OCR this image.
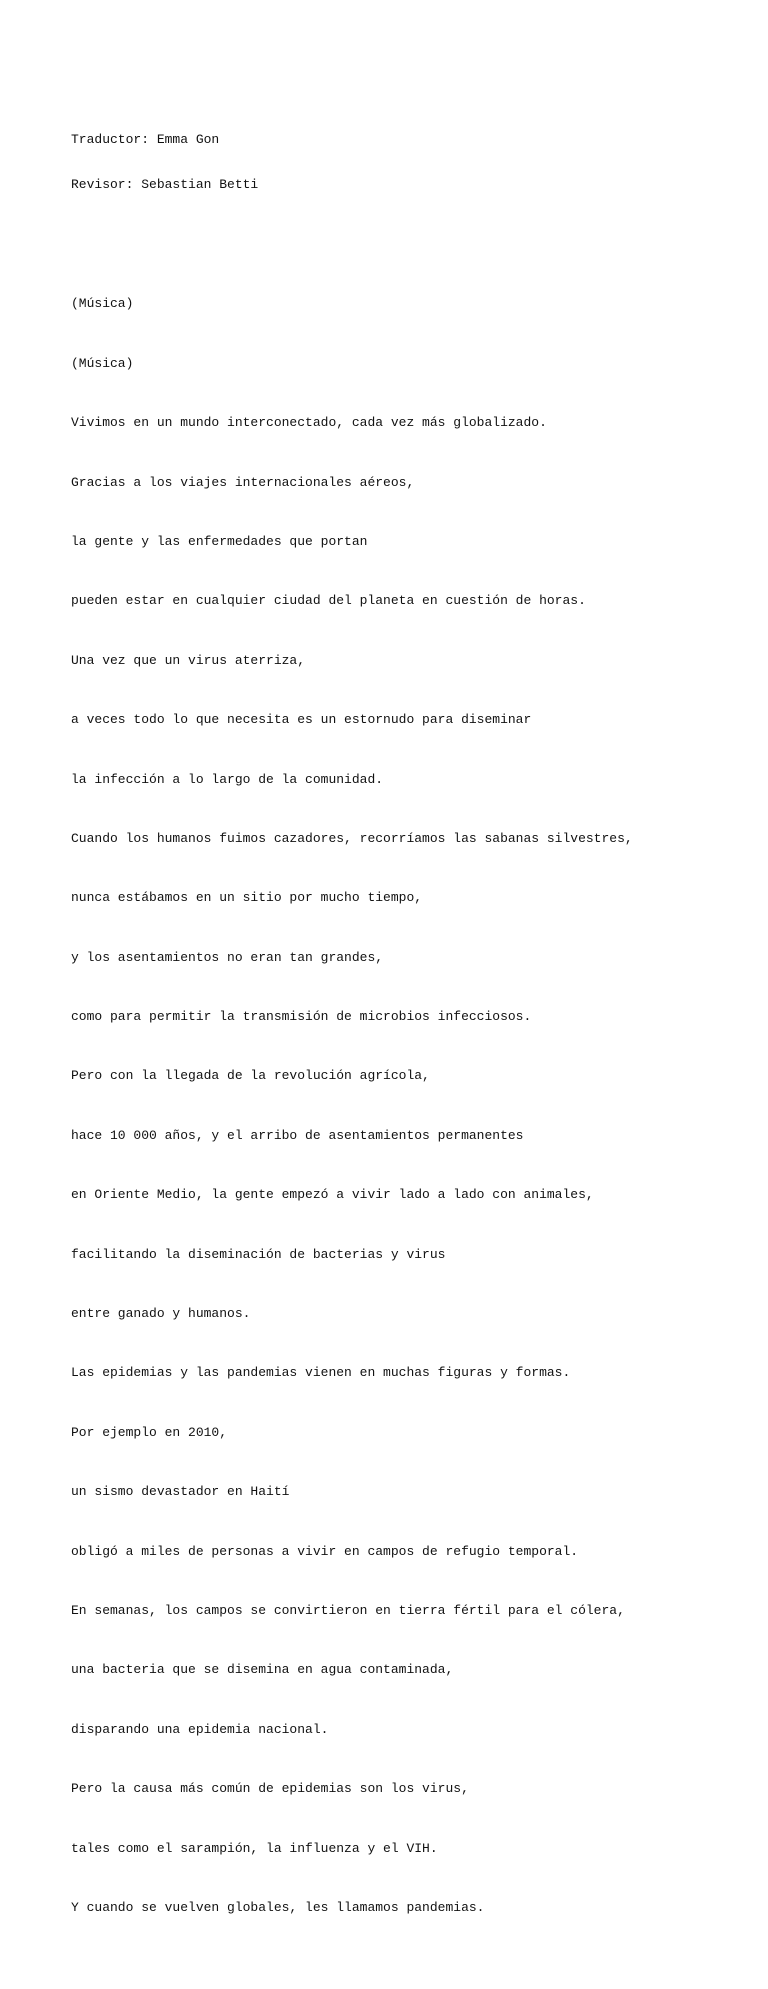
Traductor: Emma Gon

Revisor: Sebastian Betti

(Música)

(Música)

Vivimos en un mundo interconectado, cada vez más globalizado.

Gracias a los viajes internacionales aéreos,

la gente y las enfermedades que portan

pueden estar en cualquier ciudad del planeta en cuestión de horas.

Una vez que un virus aterriza,

a veces todo lo que necesita es un estornudo para diseminar

la infección a lo largo de la comunidad.

Cuando los humanos fuimos cazadores, recorríamos las sabanas silvestres,

nunca estábamos en un sitio por mucho tiempo,

y los asentamientos no eran tan grandes,

como para permitir la transmisión de microbios infecciosos.

Pero con la llegada de la revolución agrícola,

hace 10 000 años, y el arribo de asentamientos permanentes

en Oriente Medio, la gente empezó a vivir lado a lado con animales,

facilitando la diseminación de bacterias y virus

entre ganado y humanos.

Las epidemias y las pandemias vienen en muchas figuras y formas.

Por ejemplo en 2010,

un sismo devastador en Haití

obligó a miles de personas a vivir en campos de refugio temporal.

En semanas, los campos se convirtieron en tierra fértil para el cólera,

una bacteria que se disemina en agua contaminada,

disparando una epidemia nacional.

Pero la causa más común de epidemias son los virus,

tales como el sarampión, la influenza y el VIH.

Y cuando se vuelven globales, les llamamos pandemias.
